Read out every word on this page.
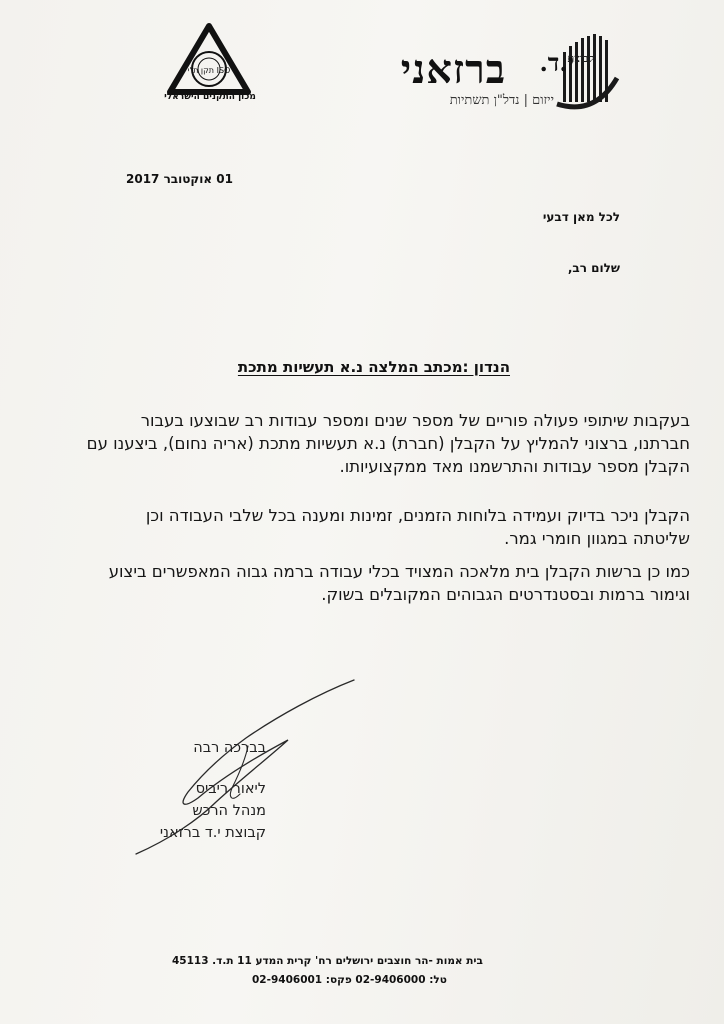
קבוצת
י.ד.
ברזאני
ייזום | נדל"ן תשתיות
תקן ת"י ISO
מכון התקנים הישראלי
01 אוקטובר 2017
לכל מאן דבעי
שלום רב,
הנדון :מכתב המלצה נ.א תעשיות מתכת
בעקבות שיתופי פעולה פוריים של מספר שנים ומספר עבודות רב שבוצעו בעבור
חברתנו, ברצוני להמליץ על הקבלן (חברת) נ.א תעשיות מתכת (אריה נחום), ביצענו עם
הקבלן מספר עבודות והתרשמנו מאד ממקצועיותו.
הקבלן ניכר בדיוק ועמידה בלוחות הזמנים, זמינות ומענה בכל שלבי העבודה וכן
שליטתה במגוון חומרי גמר.
כמו כן ברשות הקבלן בית מלאכה המצויד בכלי עבודה ברמה גבוה המאפשרים ביצוע
וגימור ברמות ובסטנדרטים הגבוהים המקובלים בשוק.
בברכה רבה
ליאור ריביס
מנהל הרכש
קבוצת י.ד ברזאני
בית אמות -הר חוצבים ירושלים רח' קרית המדע 11 ת.ד. 45113
טל: 02-9406000 פקס: 02-9406001
